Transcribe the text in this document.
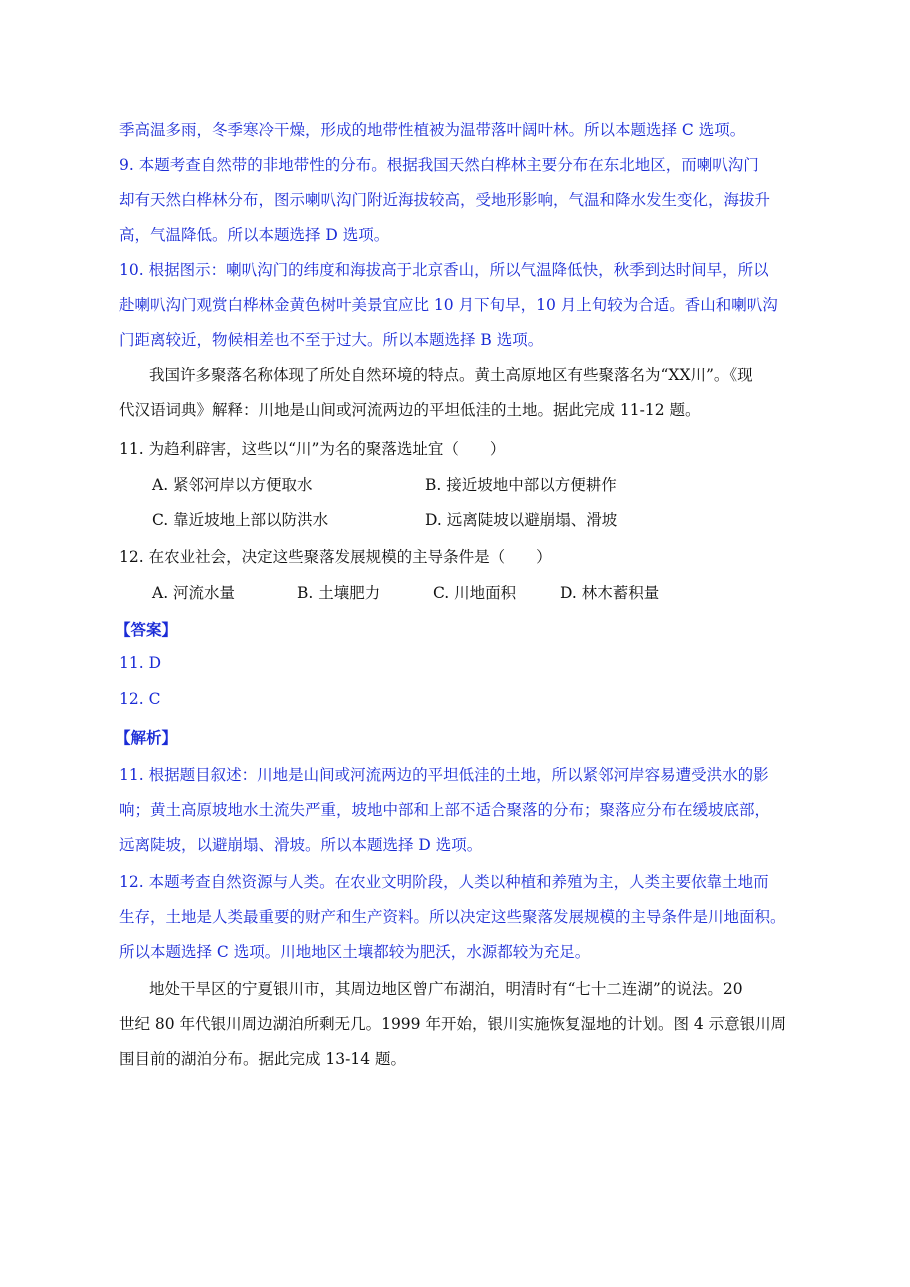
季高温多雨，冬季寒冷干燥，形成的地带性植被为温带落叶阔叶林。所以本题选择 C 选项。
9. 本题考查自然带的非地带性的分布。根据我国天然白桦林主要分布在东北地区，而喇叭沟门
却有天然白桦林分布，图示喇叭沟门附近海拔较高，受地形影响，气温和降水发生变化，海拔升
高，气温降低。所以本题选择 D 选项。
10. 根据图示：喇叭沟门的纬度和海拔高于北京香山，所以气温降低快，秋季到达时间早，所以
赴喇叭沟门观赏白桦林金黄色树叶美景宜应比 10 月下旬早，10 月上旬较为合适。香山和喇叭沟
门距离较近，物候相差也不至于过大。所以本题选择 B 选项。
我国许多聚落名称体现了所处自然环境的特点。黄土高原地区有些聚落名为“XX川”。《现
代汉语词典》解释：川地是山间或河流两边的平坦低洼的土地。据此完成 11-12 题。
11. 为趋利辟害，这些以“川”为名的聚落选址宜（　　）
A. 紧邻河岸以方便取水	B. 接近坡地中部以方便耕作
C. 靠近坡地上部以防洪水	D. 远离陡坡以避崩塌、滑坡
12. 在农业社会，决定这些聚落发展规模的主导条件是（　　）
A. 河流水量	B. 土壤肥力	C. 川地面积	D. 林木蓄积量
【答案】
11. D
12. C
【解析】
11. 根据题目叙述：川地是山间或河流两边的平坦低洼的土地，所以紧邻河岸容易遭受洪水的影
响；黄土高原坡地水土流失严重，坡地中部和上部不适合聚落的分布；聚落应分布在缓坡底部，
远离陡坡，以避崩塌、滑坡。所以本题选择 D 选项。
12. 本题考查自然资源与人类。在农业文明阶段，人类以种植和养殖为主，人类主要依靠土地而
生存，土地是人类最重要的财产和生产资料。所以决定这些聚落发展规模的主导条件是川地面积。
所以本题选择 C 选项。川地地区土壤都较为肥沃，水源都较为充足。
地处干旱区的宁夏银川市，其周边地区曾广布湖泊，明清时有“七十二连湖”的说法。20
世纪 80 年代银川周边湖泊所剩无几。1999 年开始，银川实施恢复湿地的计划。图 4 示意银川周
围目前的湖泊分布。据此完成 13-14 题。
